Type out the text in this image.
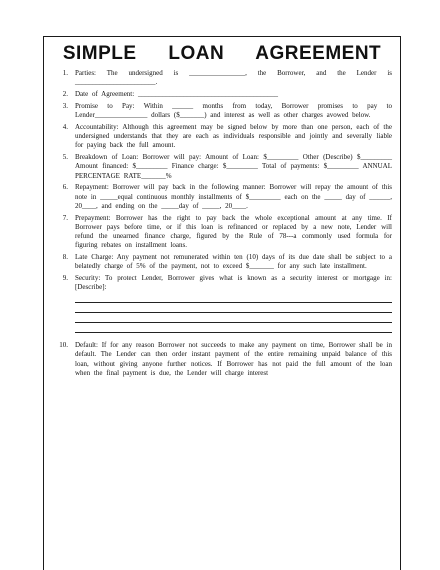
SIMPLE LOAN AGREEMENT
1.	Parties: The undersigned is ________________, the Borrower, and the Lender is _______________________.
2.	Date of Agreement: ________________________________________
3.	Promise to Pay: Within ______ months from today, Borrower promises to pay to Lender_______________ dollars ($_______) and interest as well as other charges avowed below.
4.	Accountability: Although this agreement may be signed below by more than one person, each of the undersigned understands that they are each as individuals responsible and jointly and severally liable for paying back the full amount.
5.	Breakdown of Loan: Borrower will pay: Amount of Loan: $_________ Other (Describe) $_________ Amount financed: $_________ Finance charge: $_________ Total of payments: $_________ ANNUAL PERCENTAGE RATE_______%
6.	Repayment: Borrower will pay back in the following manner: Borrower will repay the amount of this note in _____equal continuous monthly installments of $_________ each on the _____ day of ______, 20____, and ending on the _____day of _____, 20____.
7.	Prepayment: Borrower has the right to pay back the whole exceptional amount at any time. If Borrower pays before time, or if this loan is refinanced or replaced by a new note, Lender will refund the unearned finance charge, figured by the Rule of 78---a commonly used formula for figuring rebates on installment loans.
8.	Late Charge: Any payment not remunerated within ten (10) days of its due date shall be subject to a belatedly charge of 5% of the payment, not to exceed $_______ for any such late installment.
9.	Security: To protect Lender, Borrower gives what is known as a security interest or mortgage in: [Describe]:
10.	Default: If for any reason Borrower not succeeds to make any payment on time, Borrower shall be in default. The Lender can then order instant payment of the entire remaining unpaid balance of this loan, without giving anyone further notices. If Borrower has not paid the full amount of the loan when the final payment is due, the Lender will charge interest
